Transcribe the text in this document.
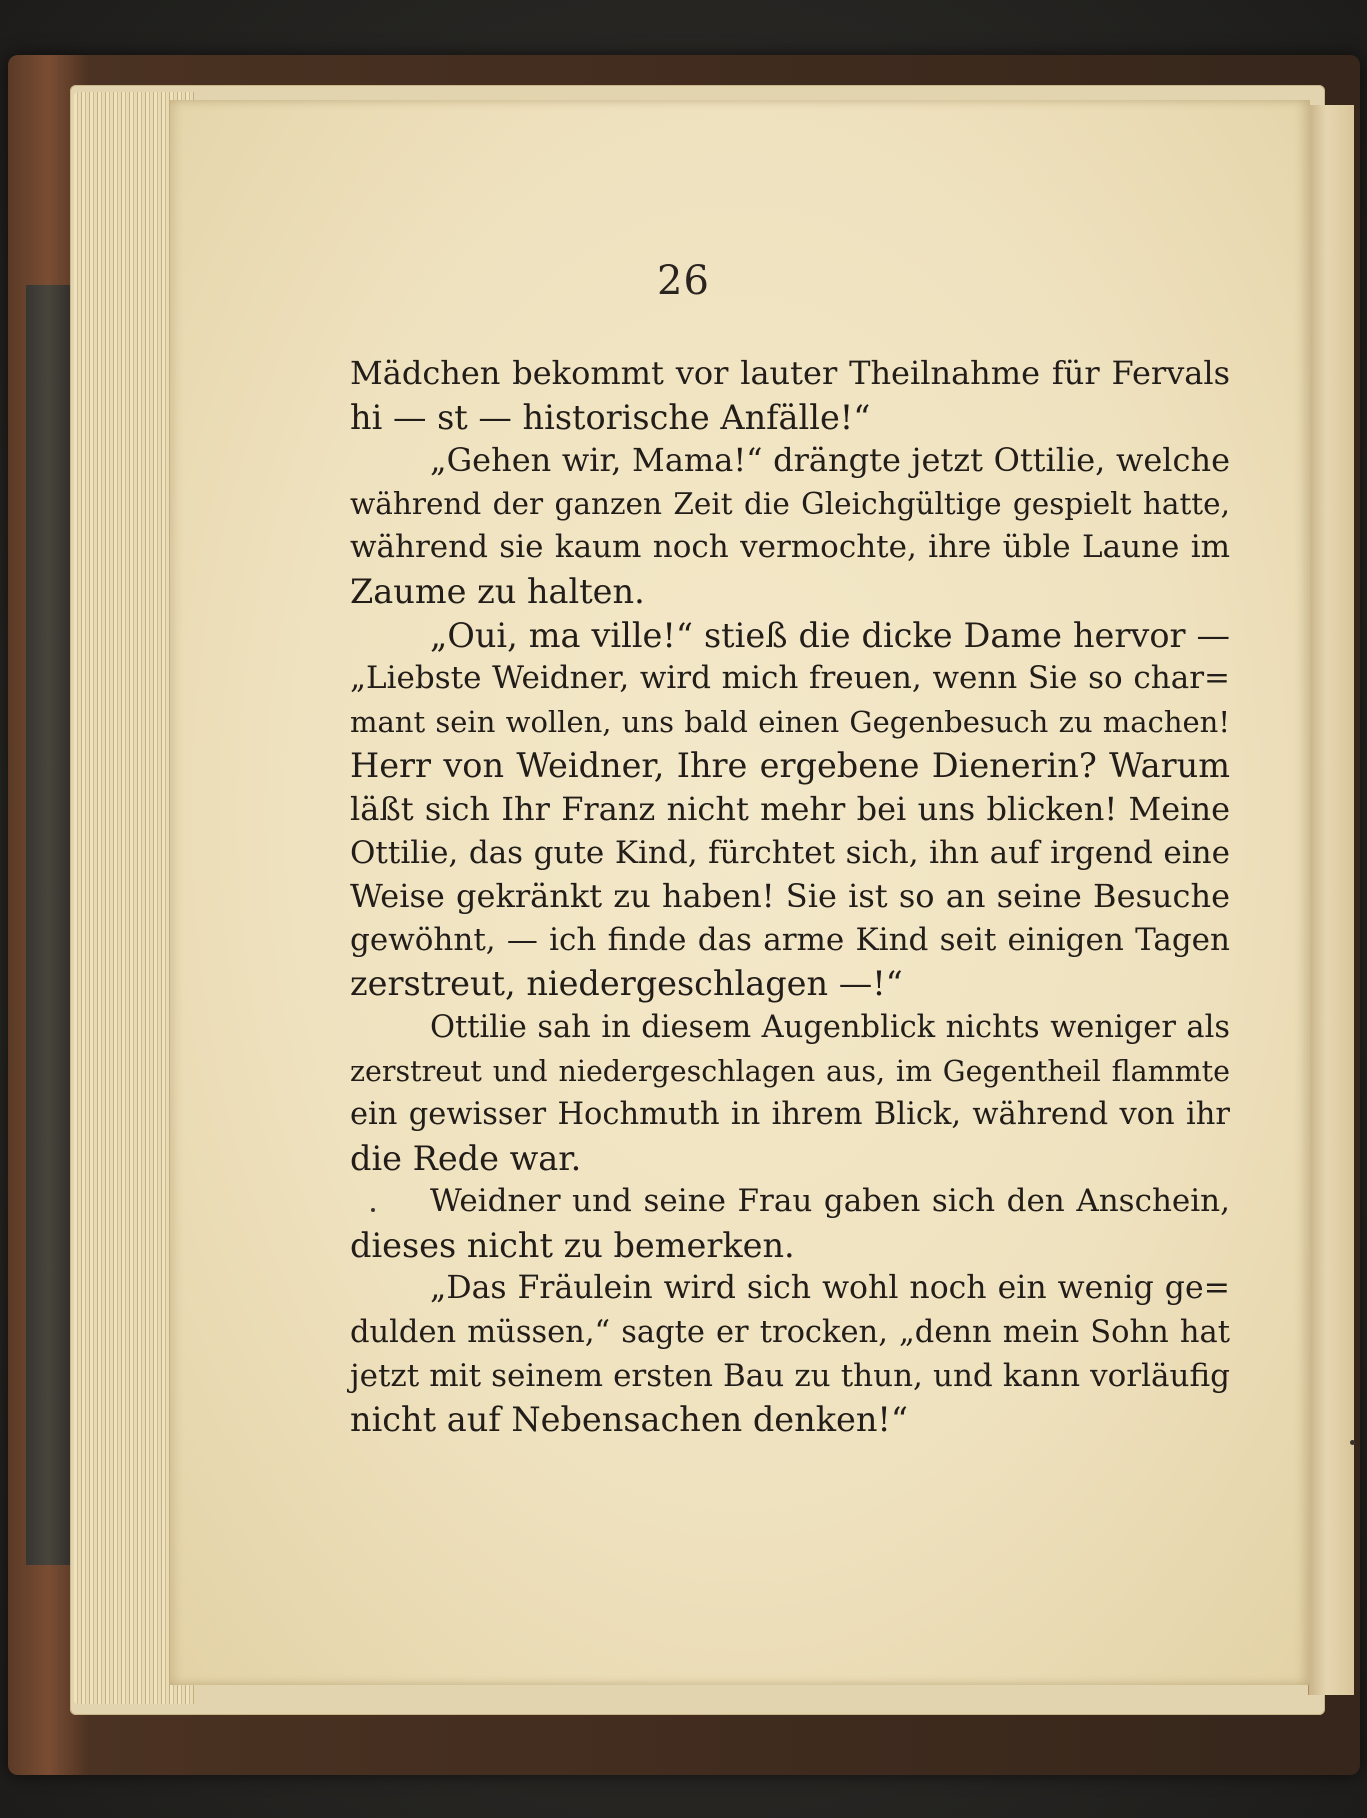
26
Mädchen bekommt vor lauter Theilnahme für Fervals
hi — st — historische Anfälle!“
„Gehen wir, Mama!“ drängte jetzt Ottilie, welche
während der ganzen Zeit die Gleichgültige gespielt hatte,
während sie kaum noch vermochte, ihre üble Laune im
Zaume zu halten.
„Oui, ma ville!“ stieß die dicke Dame hervor —
„Liebste Weidner, wird mich freuen, wenn Sie so char=
mant sein wollen, uns bald einen Gegenbesuch zu machen!
Herr von Weidner, Ihre ergebene Dienerin? Warum
läßt sich Ihr Franz nicht mehr bei uns blicken! Meine
Ottilie, das gute Kind, fürchtet sich, ihn auf irgend eine
Weise gekränkt zu haben! Sie ist so an seine Besuche
gewöhnt, — ich finde das arme Kind seit einigen Tagen
zerstreut, niedergeschlagen —!“
Ottilie sah in diesem Augenblick nichts weniger als
zerstreut und niedergeschlagen aus, im Gegentheil flammte
ein gewisser Hochmuth in ihrem Blick, während von ihr
die Rede war.
Weidner und seine Frau gaben sich den Anschein,
dieses nicht zu bemerken.
„Das Fräulein wird sich wohl noch ein wenig ge=
dulden müssen,“ sagte er trocken, „denn mein Sohn hat
jetzt mit seinem ersten Bau zu thun, und kann vorläufig
nicht auf Nebensachen denken!“
